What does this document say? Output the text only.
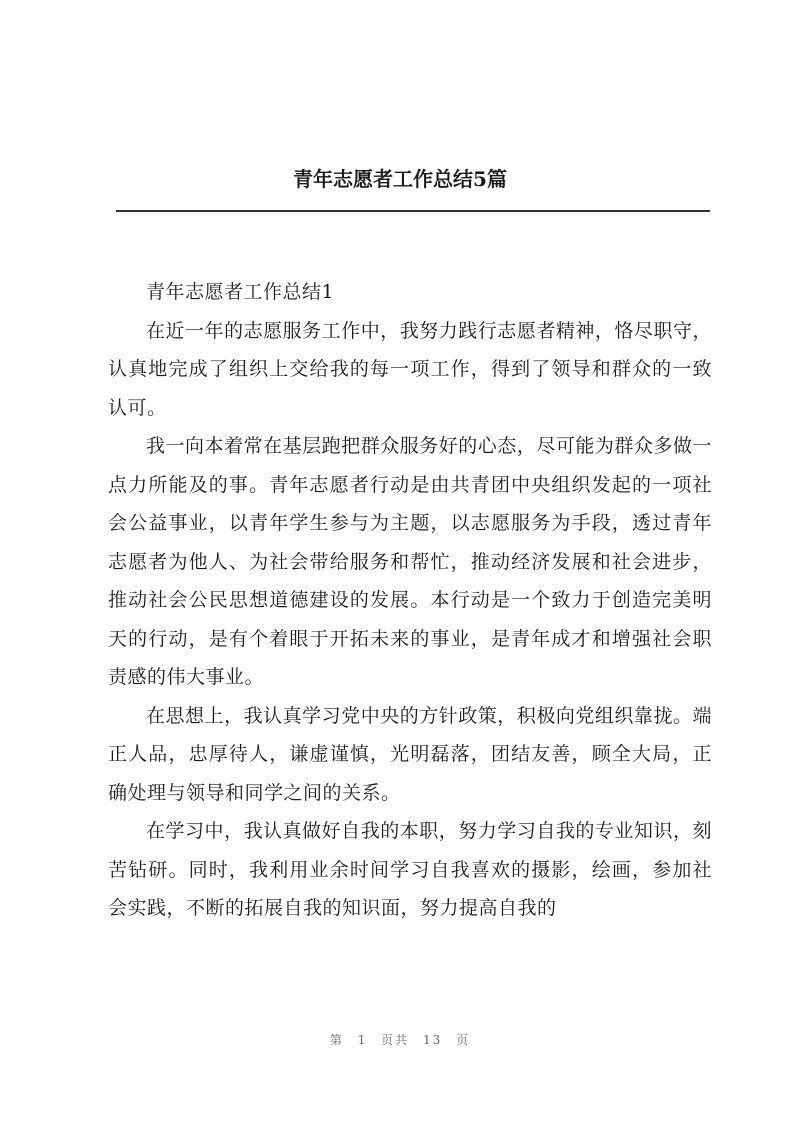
青年志愿者工作总结5篇

青年志愿者工作总结1

在近一年的志愿服务工作中，我努力践行志愿者精神，恪尽职守，认真地完成了组织上交给我的每一项工作，得到了领导和群众的一致认可。

我一向本着常在基层跑把群众服务好的心态，尽可能为群众多做一点力所能及的事。青年志愿者行动是由共青团中央组织发起的一项社会公益事业，以青年学生参与为主题，以志愿服务为手段，透过青年志愿者为他人、为社会带给服务和帮忙，推动经济发展和社会进步，推动社会公民思想道德建设的发展。本行动是一个致力于创造完美明天的行动，是有个着眼于开拓未来的事业，是青年成才和增强社会职责感的伟大事业。

在思想上，我认真学习党中央的方针政策，积极向党组织靠拢。端正人品，忠厚待人，谦虚谨慎，光明磊落，团结友善，顾全大局，正确处理与领导和同学之间的关系。

在学习中，我认真做好自我的本职，努力学习自我的专业知识，刻苦钻研。同时，我利用业余时间学习自我喜欢的摄影，绘画，参加社会实践，不断的拓展自我的知识面，努力提高自我的

第 1 页共 13 页
